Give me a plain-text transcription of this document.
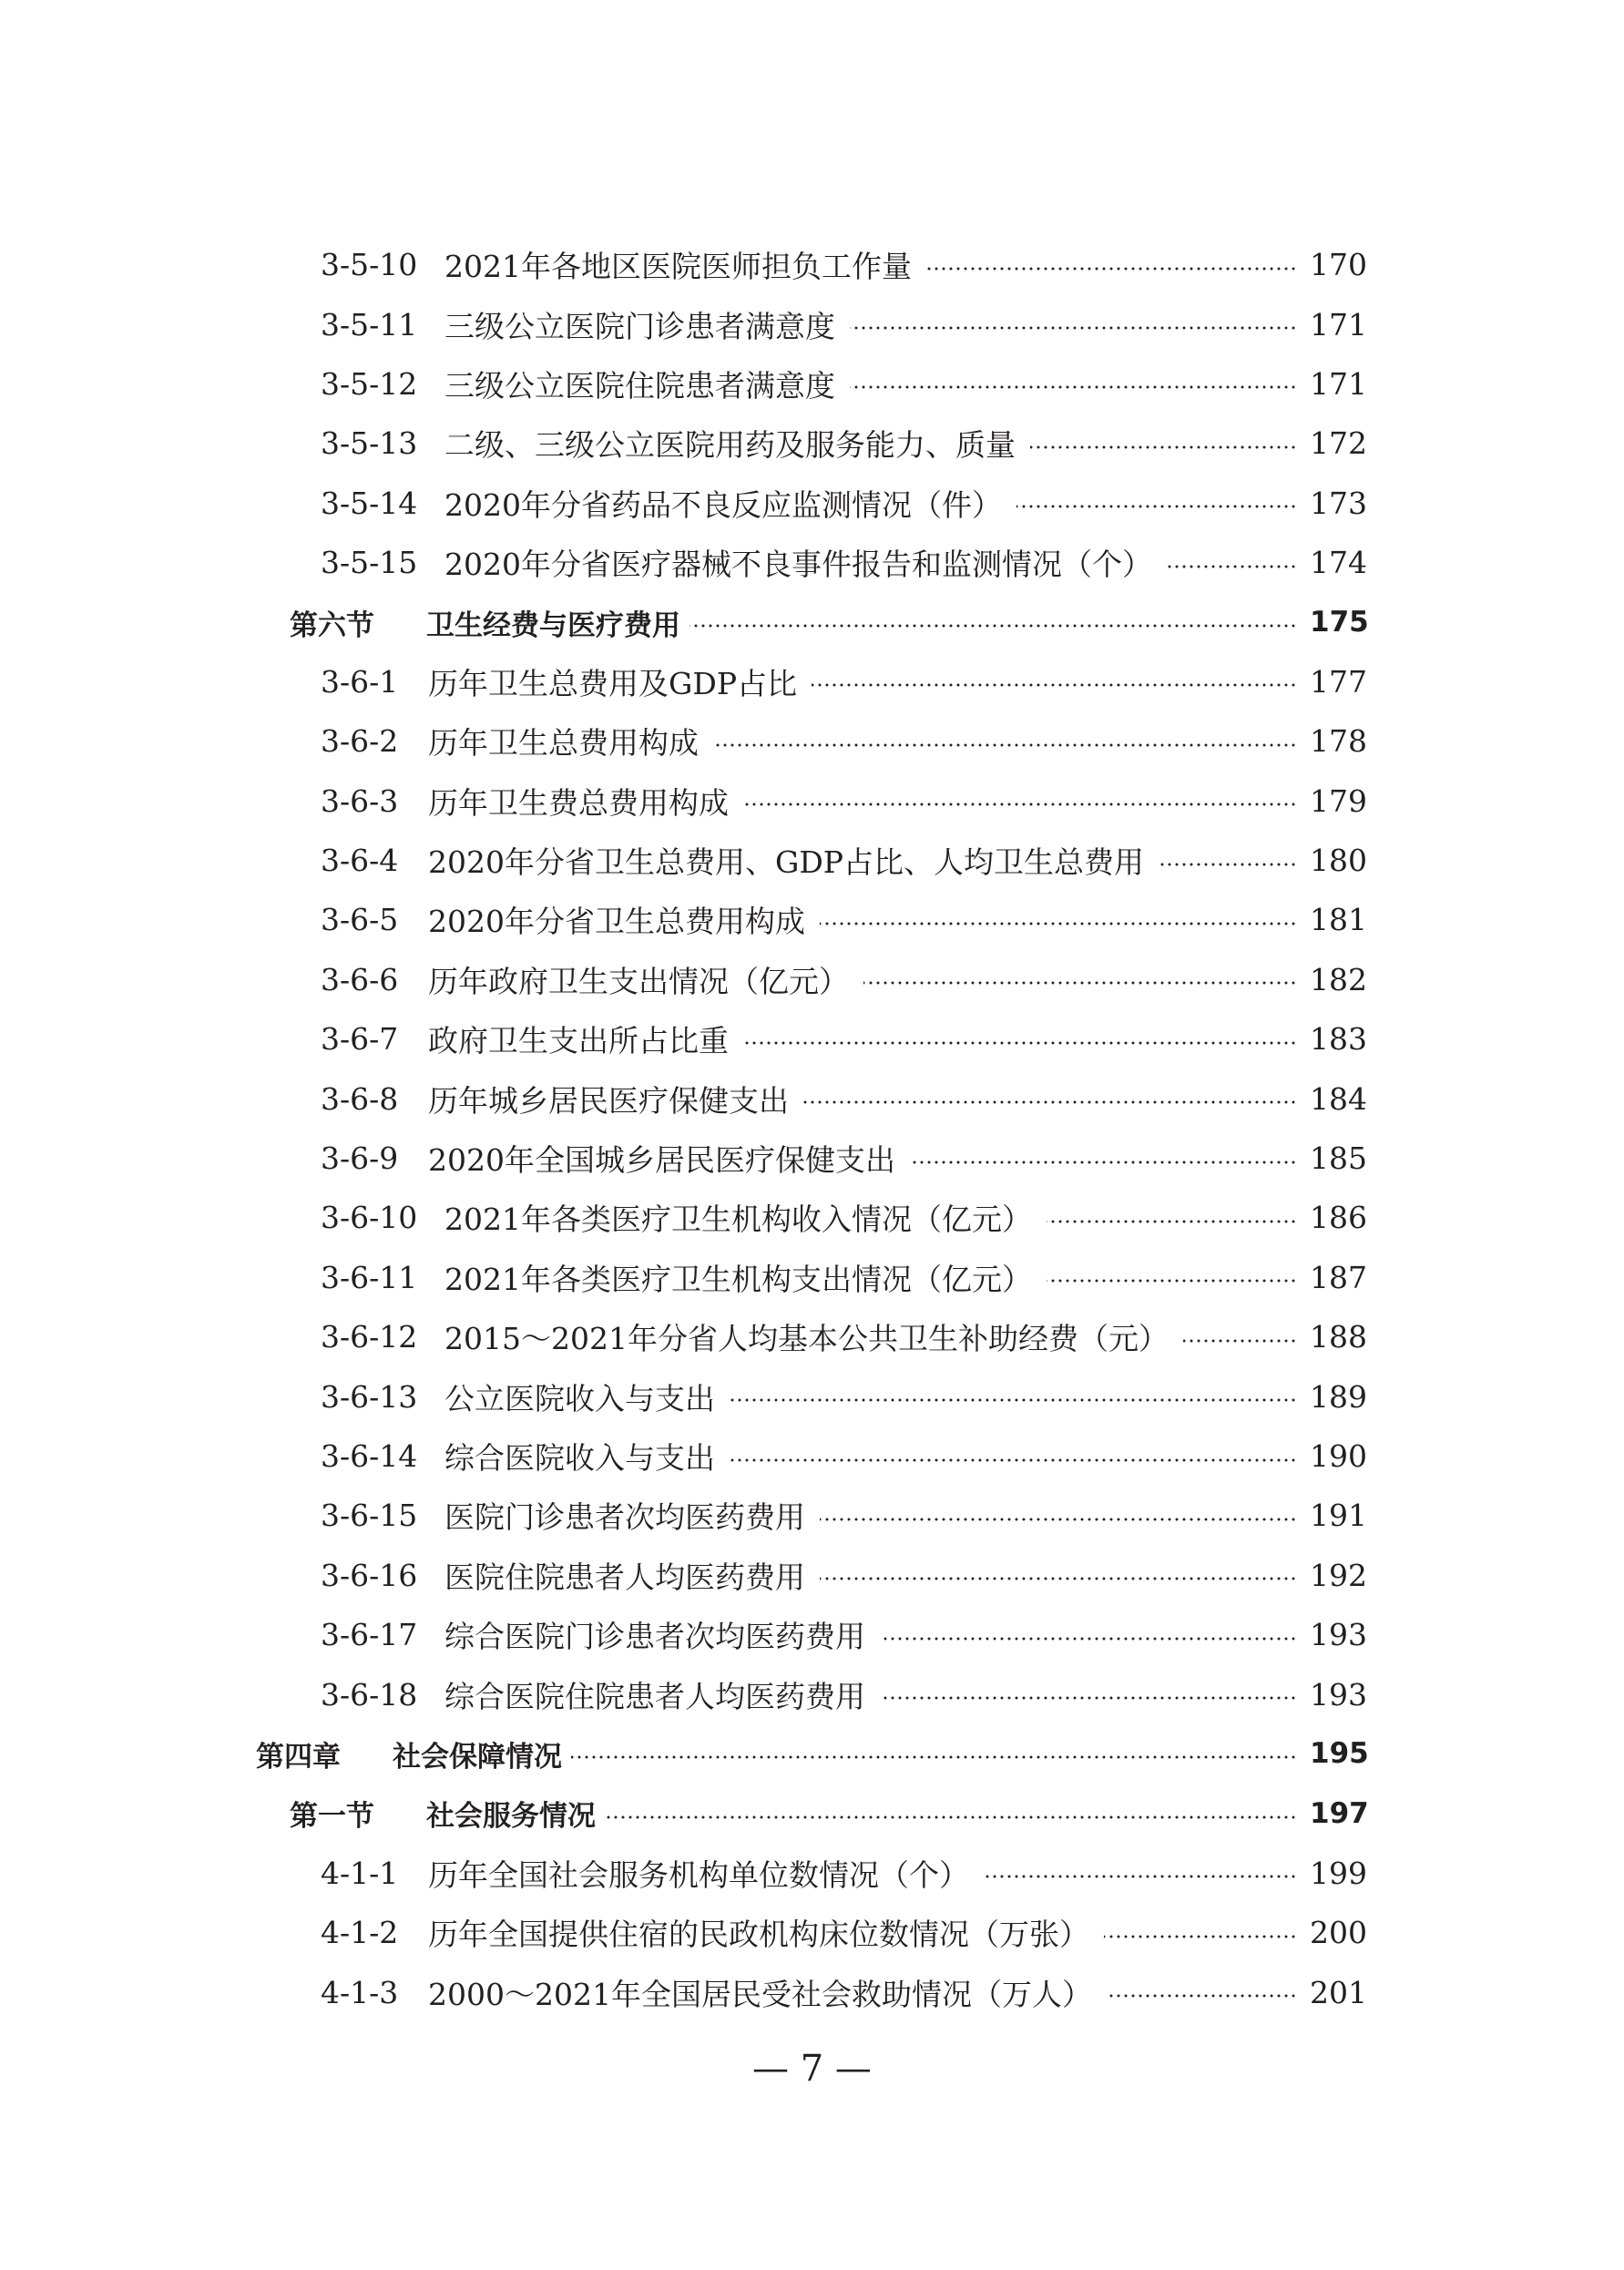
3-5-10 2021年各地区医院医师担负工作量	170
3-5-11 三级公立医院门诊患者满意度	171
3-5-12 三级公立医院住院患者满意度	171
3-5-13 二级、三级公立医院用药及服务能力、质量	172
3-5-14 2020年分省药品不良反应监测情况（件）	173
3-5-15 2020年分省医疗器械不良事件报告和监测情况（个）	174
第六节	卫生经费与医疗费用	175
3-6-1 历年卫生总费用及GDP占比	177
3-6-2 历年卫生总费用构成	178
3-6-3 历年卫生费总费用构成	179
3-6-4 2020年分省卫生总费用、GDP占比、人均卫生总费用	180
3-6-5 2020年分省卫生总费用构成	181
3-6-6 历年政府卫生支出情况（亿元）	182
3-6-7 政府卫生支出所占比重	183
3-6-8 历年城乡居民医疗保健支出	184
3-6-9 2020年全国城乡居民医疗保健支出	185
3-6-10 2021年各类医疗卫生机构收入情况（亿元）	186
3-6-11 2021年各类医疗卫生机构支出情况（亿元）	187
3-6-12 2015～2021年分省人均基本公共卫生补助经费（元）	188
3-6-13 公立医院收入与支出	189
3-6-14 综合医院收入与支出	190
3-6-15 医院门诊患者次均医药费用	191
3-6-16 医院住院患者人均医药费用	192
3-6-17 综合医院门诊患者次均医药费用	193
3-6-18 综合医院住院患者人均医药费用	193
第四章	社会保障情况	195
第一节	社会服务情况	197
4-1-1 历年全国社会服务机构单位数情况（个）	199
4-1-2 历年全国提供住宿的民政机构床位数情况（万张）	200
4-1-3 2000～2021年全国居民受社会救助情况（万人）	201
— 7 —
